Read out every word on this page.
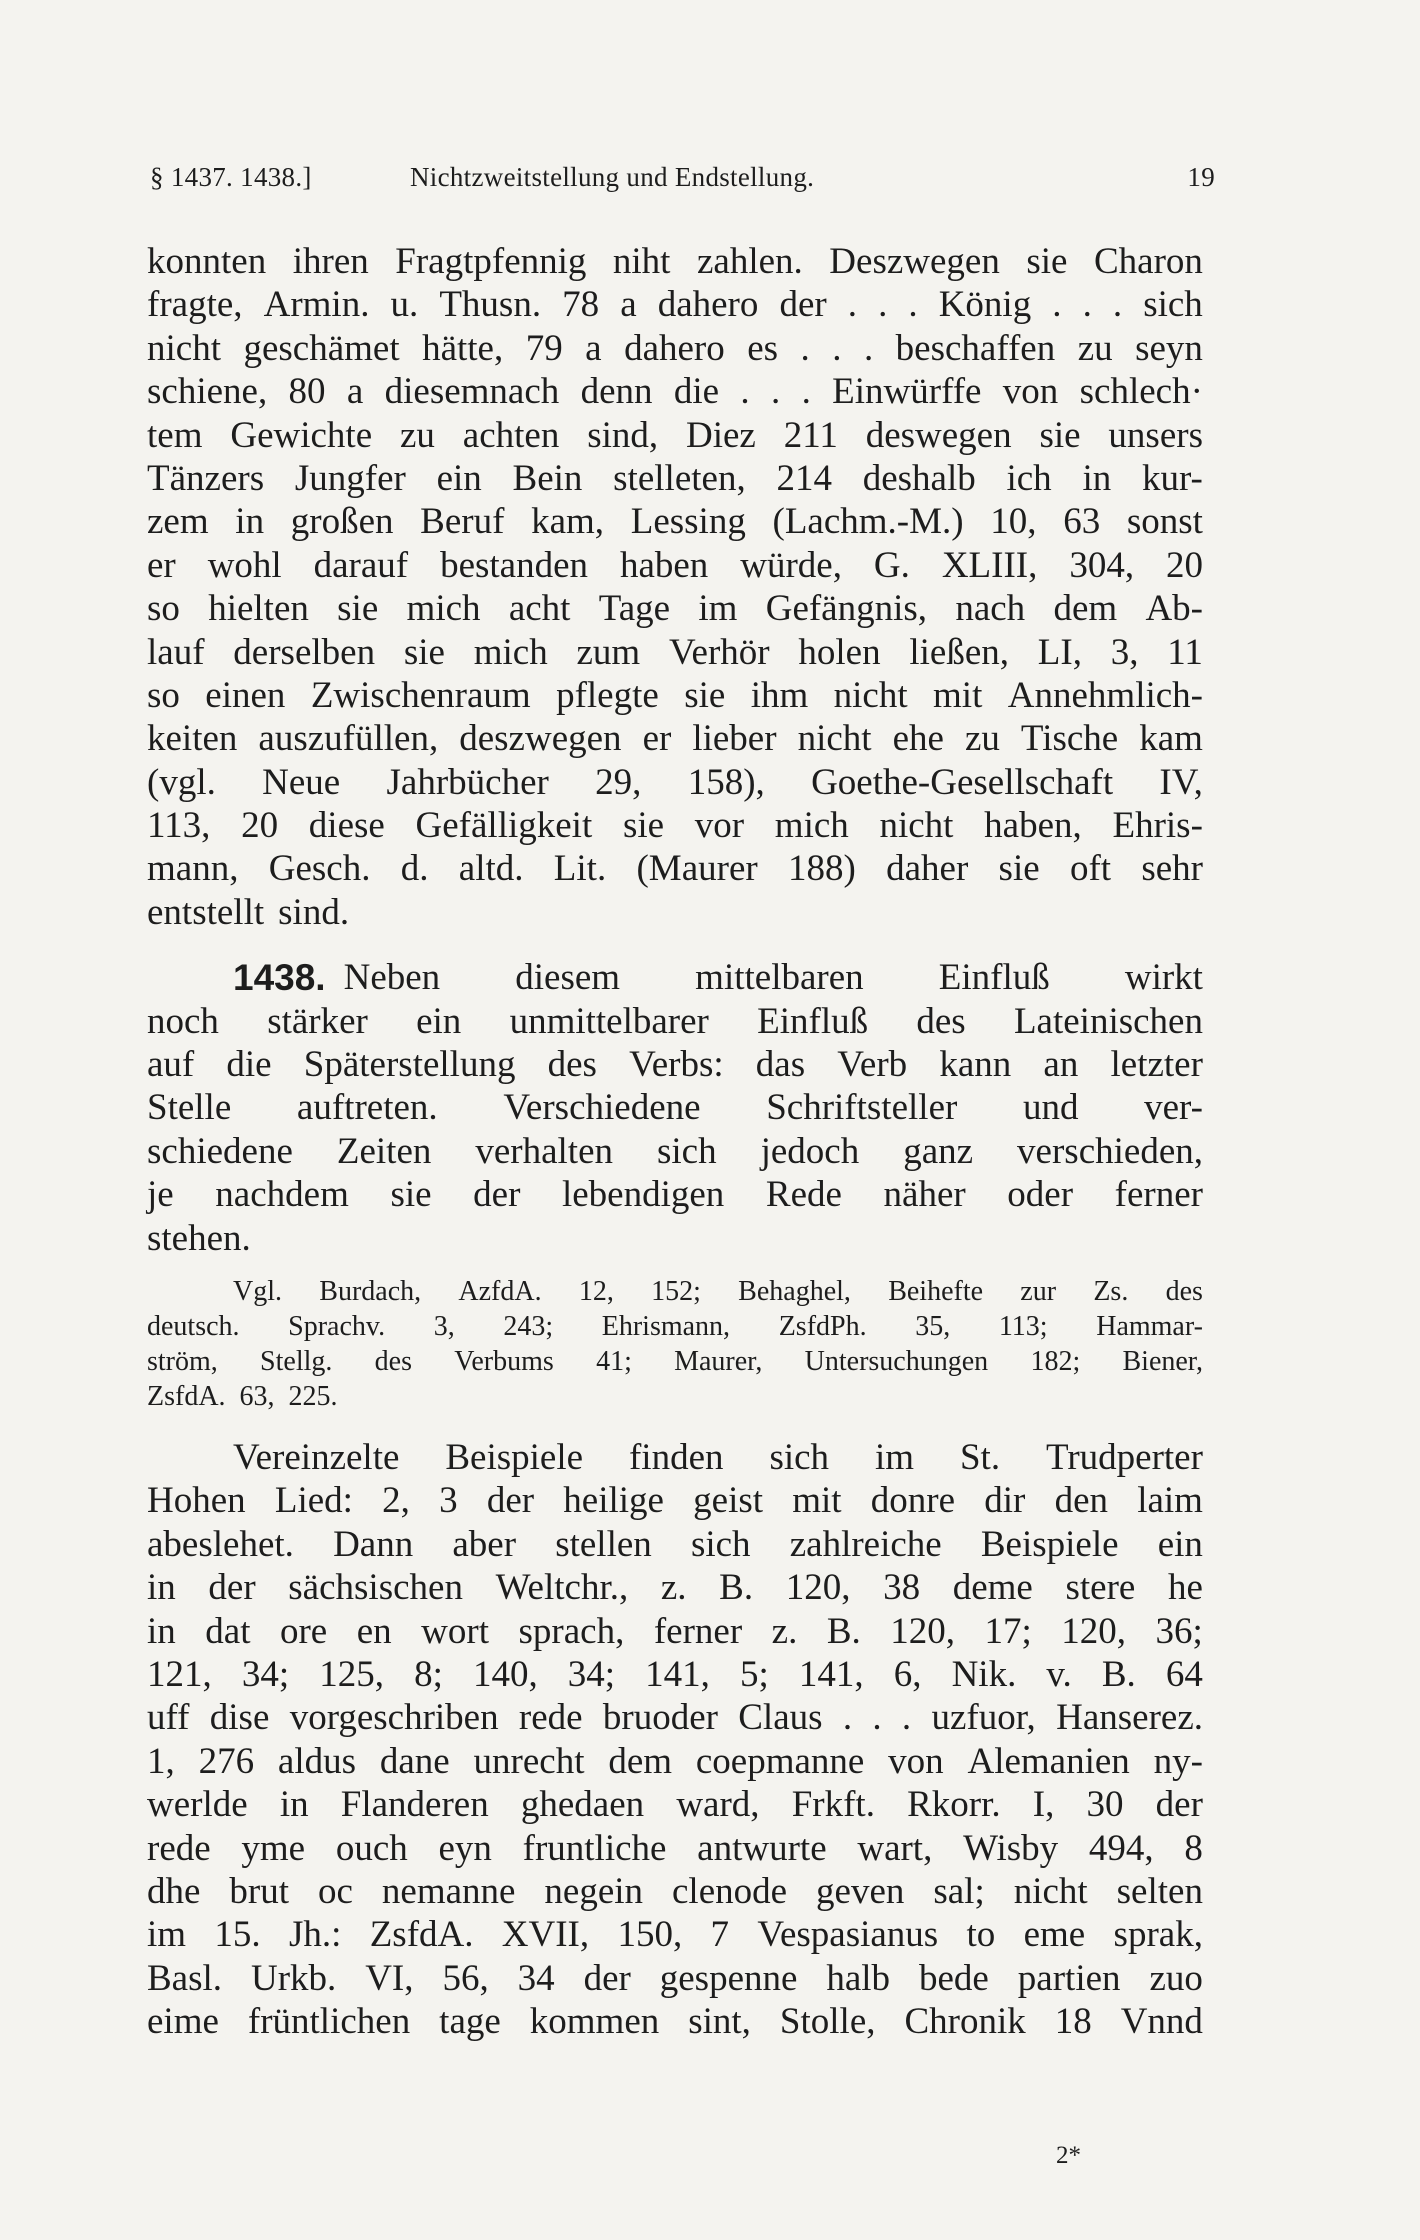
§ 1437. 1438.]	Nichtzweitstellung und Endstellung.	19
konnten ihren Fragtpfennig niht zahlen. Deszwegen sie Charon
fragte, Armin. u. Thusn. 78 a dahero der . . . König . . . sich
nicht geschämet hätte, 79 a dahero es . . . beschaffen zu seyn
schiene, 80 a diesemnach denn die . . . Einwürffe von schlech·
tem Gewichte zu achten sind, Diez 211 deswegen sie unsers
Tänzers Jungfer ein Bein stelleten, 214 deshalb ich in kur-
zem in großen Beruf kam, Lessing (Lachm.-M.) 10, 63 sonst
er wohl darauf bestanden haben würde, G. XLIII, 304, 20
so hielten sie mich acht Tage im Gefängnis, nach dem Ab-
lauf derselben sie mich zum Verhör holen ließen, LI, 3, 11
so einen Zwischenraum pflegte sie ihm nicht mit Annehmlich-
keiten auszufüllen, deszwegen er lieber nicht ehe zu Tische kam
(vgl. Neue Jahrbücher 29, 158), Goethe-Gesellschaft IV,
113, 20 diese Gefälligkeit sie vor mich nicht haben, Ehris-
mann, Gesch. d. altd. Lit. (Maurer 188) daher sie oft sehr
entstellt sind.
1438. Neben diesem mittelbaren Einfluß wirkt
noch stärker ein unmittelbarer Einfluß des Lateinischen
auf die Späterstellung des Verbs: das Verb kann an letzter
Stelle auftreten. Verschiedene Schriftsteller und ver-
schiedene Zeiten verhalten sich jedoch ganz verschieden,
je nachdem sie der lebendigen Rede näher oder ferner
stehen.
Vgl. Burdach, AzfdA. 12, 152; Behaghel, Beihefte zur Zs. des
deutsch. Sprachv. 3, 243; Ehrismann, ZsfdPh. 35, 113; Hammar-
ström, Stellg. des Verbums 41; Maurer, Untersuchungen 182; Biener,
ZsfdA. 63, 225.
Vereinzelte Beispiele finden sich im St. Trudperter
Hohen Lied: 2, 3 der heilige geist mit donre dir den laim
abeslehet. Dann aber stellen sich zahlreiche Beispiele ein
in der sächsischen Weltchr., z. B. 120, 38 deme stere he
in dat ore en wort sprach, ferner z. B. 120, 17; 120, 36;
121, 34; 125, 8; 140, 34; 141, 5; 141, 6, Nik. v. B. 64
uff dise vorgeschriben rede bruoder Claus . . . uzfuor, Hanserez.
1, 276 aldus dane unrecht dem coepmanne von Alemanien ny-
werlde in Flanderen ghedaen ward, Frkft. Rkorr. I, 30 der
rede yme ouch eyn fruntliche antwurte wart, Wisby 494, 8
dhe brut oc nemanne negein clenode geven sal; nicht selten
im 15. Jh.: ZsfdA. XVII, 150, 7 Vespasianus to eme sprak,
Basl. Urkb. VI, 56, 34 der gespenne halb bede partien zuo
eime früntlichen tage kommen sint, Stolle, Chronik 18 Vnnd
2*
